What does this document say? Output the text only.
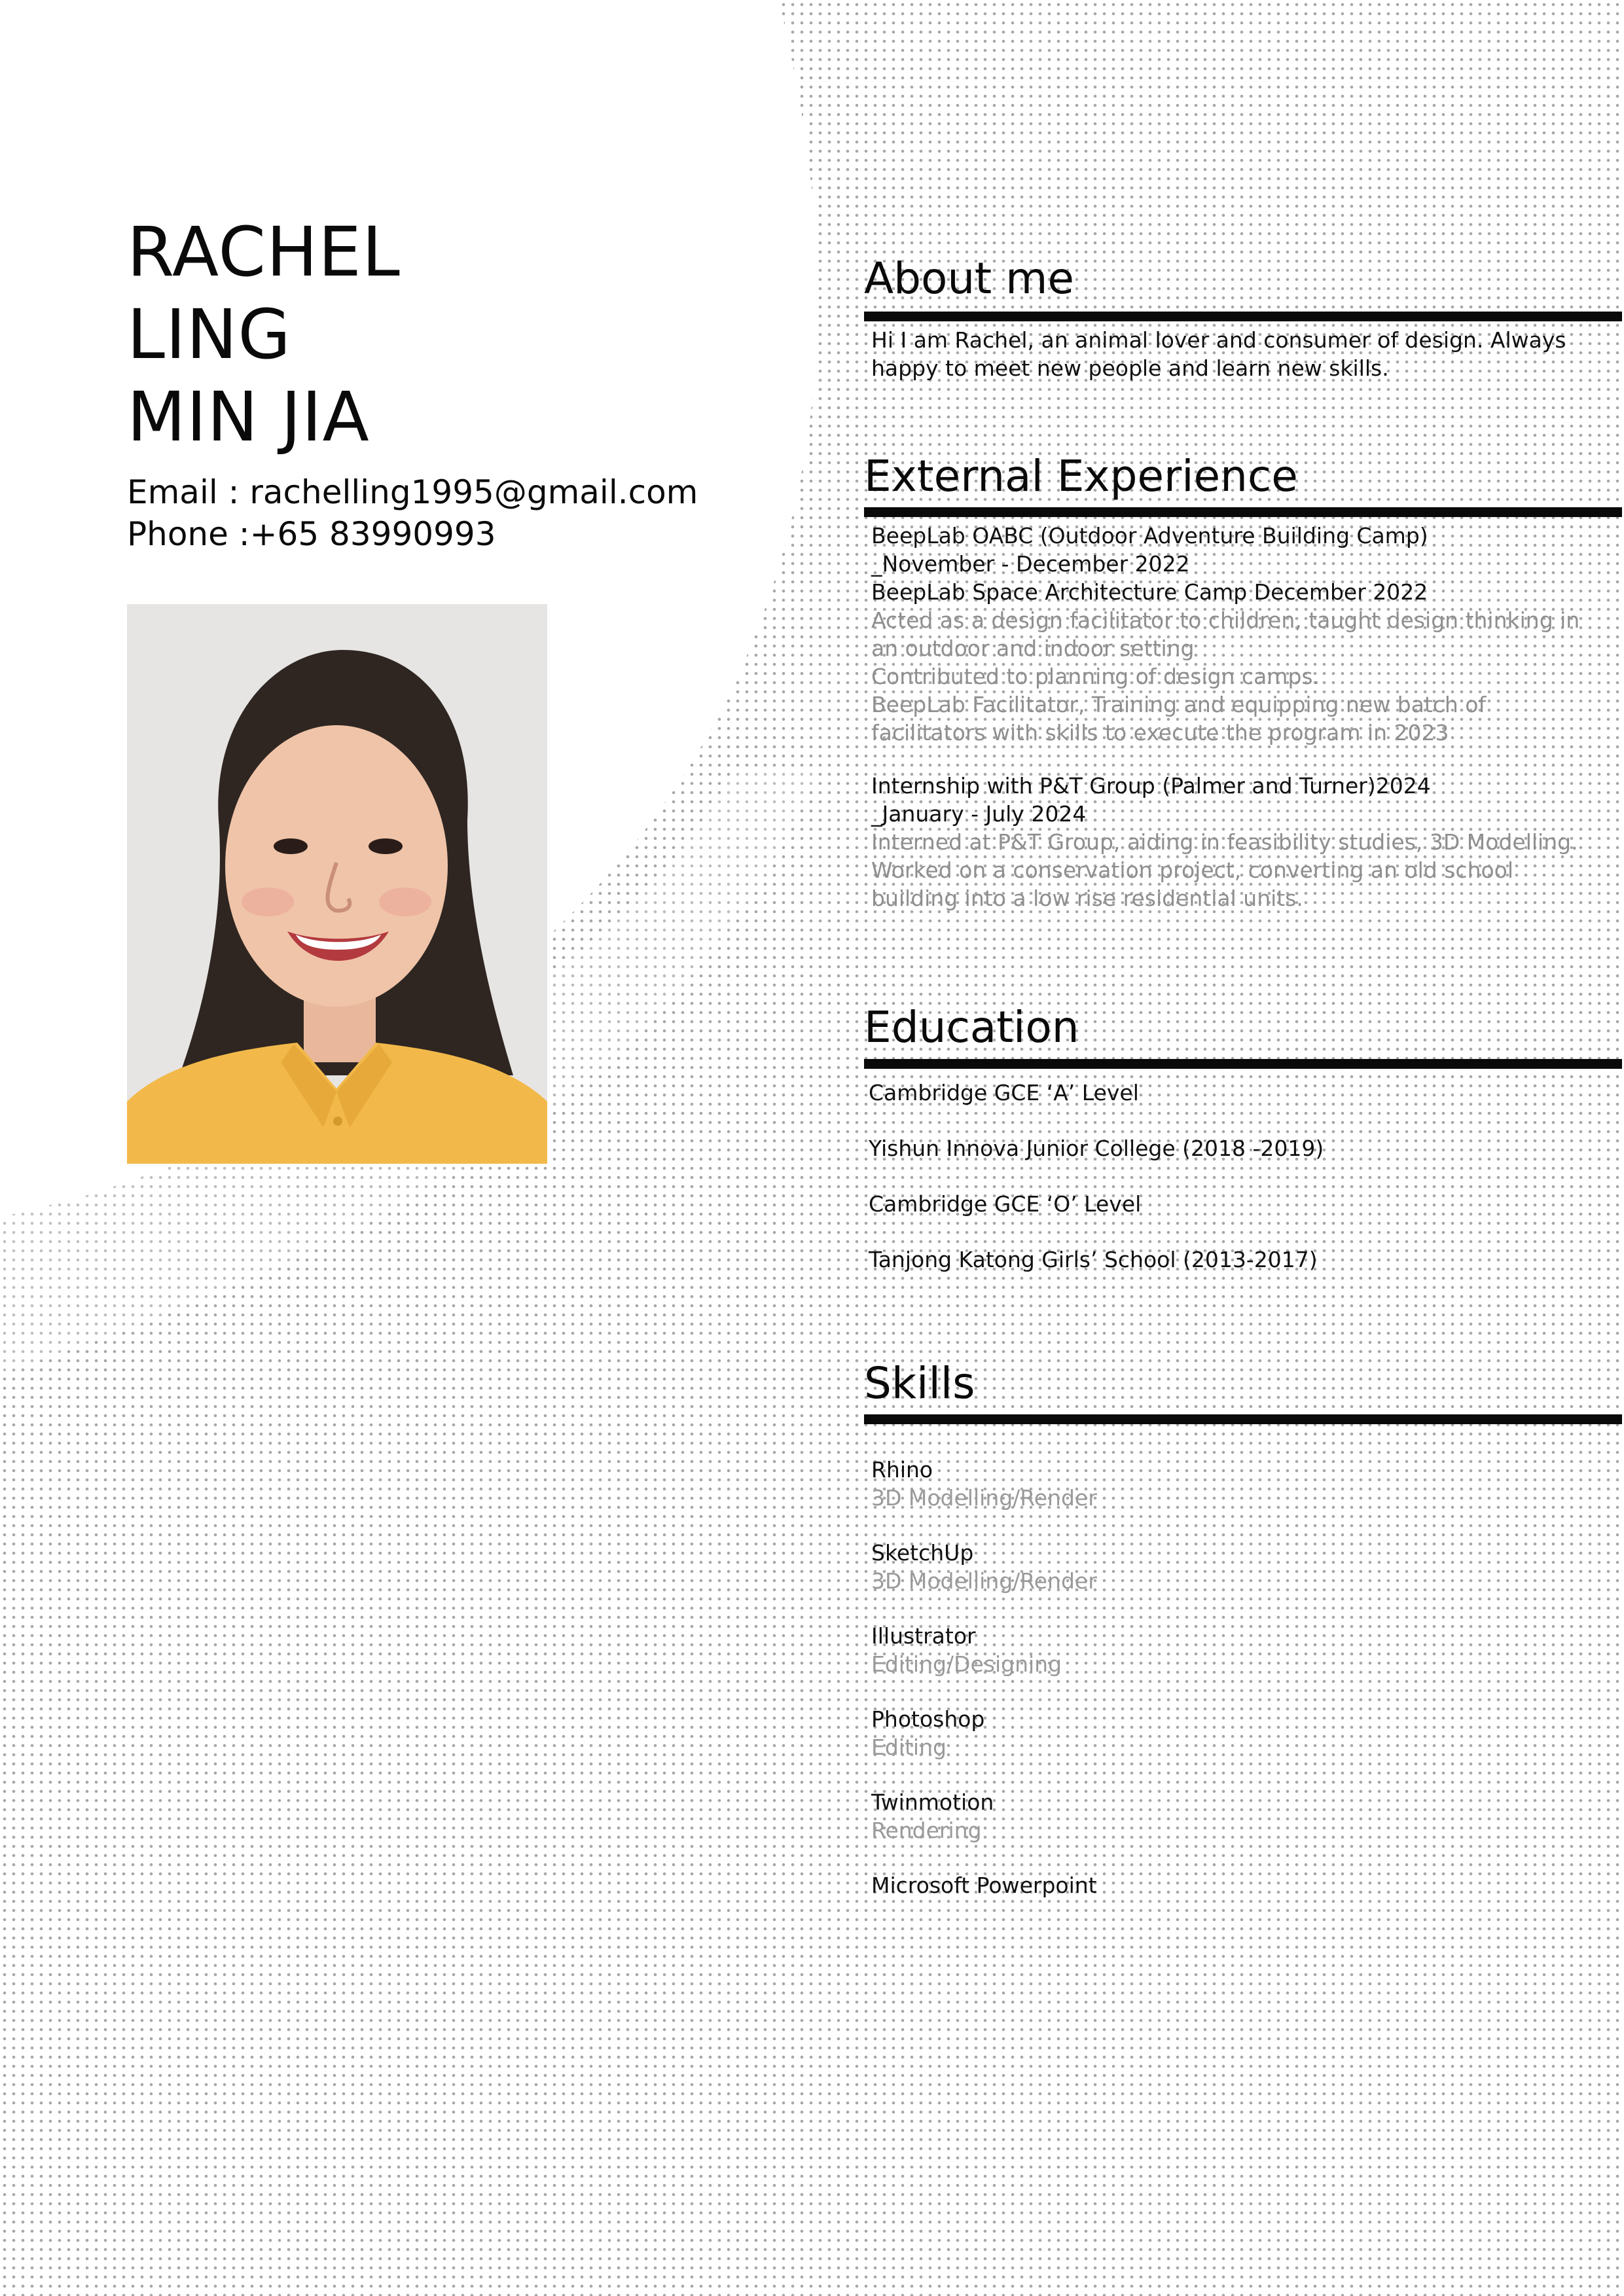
RACHEL
LING
MIN JIA
Email : rachelling1995@gmail.com
Phone :+65 83990993
About me
Hi I am Rachel, an animal lover and consumer of design. Always
happy to meet new people and learn new skills.
External Experience
BeepLab OABC (Outdoor Adventure Building Camp)
_November - December 2022
BeepLab Space Architecture Camp December 2022
Acted as a design facilitator to children, taught design thinking in
an outdoor and indoor setting
Contributed to planning of design camps.
BeepLab Facilitator, Training and equipping new batch of
facilitators with skills to execute the program in 2023
Internship with P&T Group (Palmer and Turner)2024
_January - July 2024
Interned at P&T Group, aiding in feasibility studies, 3D Modelling.
Worked on a conservation project, converting an old school
building into a low rise residential units.
Education
Cambridge GCE ‘A’ Level
Yishun Innova Junior College (2018 -2019)
Cambridge GCE ‘O’ Level
Tanjong Katong Girls’ School (2013-2017)
Skills
Rhino
3D Modelling/Render
SketchUp
3D Modelling/Render
Illustrator
Editing/Designing
Photoshop
Editing
Twinmotion
Rendering
Microsoft Powerpoint
